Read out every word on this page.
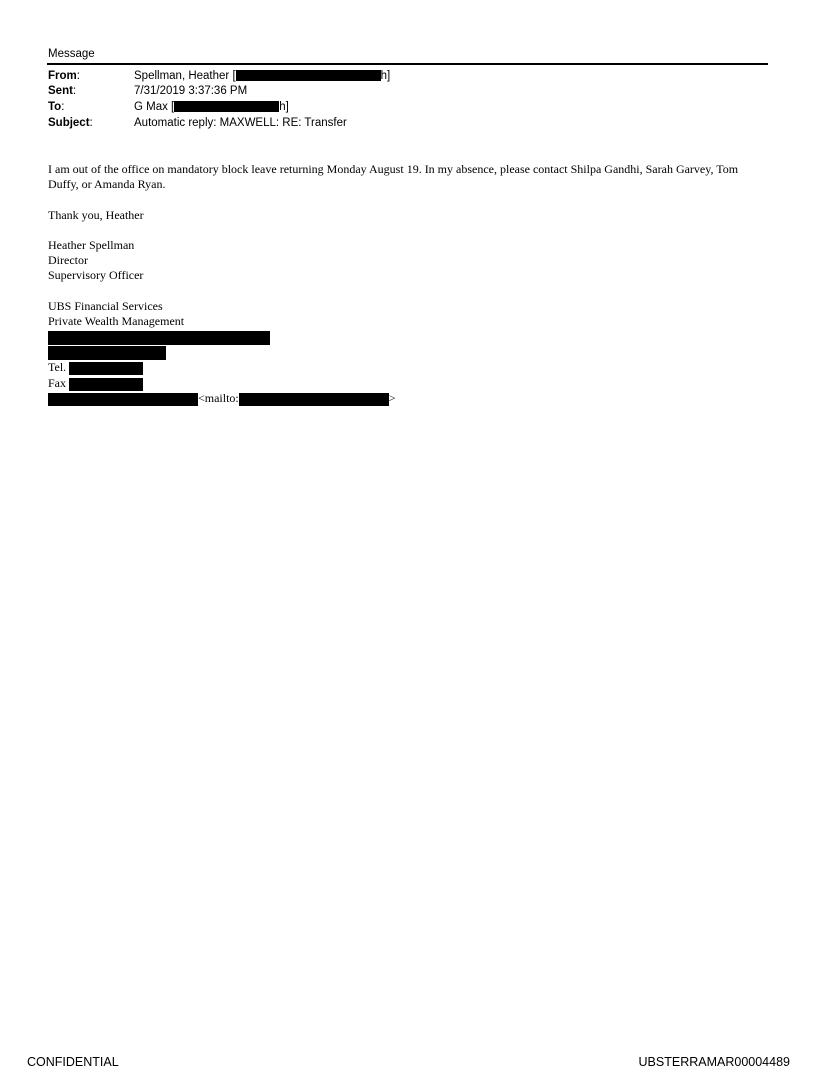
Message
From:	Spellman, Heather [	h]
Sent:	7/31/2019 3:37:36 PM
To:	G Max [	h]
Subject:	Automatic reply: MAXWELL: RE: Transfer
I am out of the office on mandatory block leave returning Monday August 19. In my absence, please contact Shilpa Gandhi, Sarah Garvey, Tom Duffy, or Amanda Ryan.
Thank you, Heather
Heather Spellman
Director
Supervisory Officer
UBS Financial Services
Private Wealth Management
Tel.
Fax
<mailto:	>
CONFIDENTIAL	UBSTERRAMAR00004489
